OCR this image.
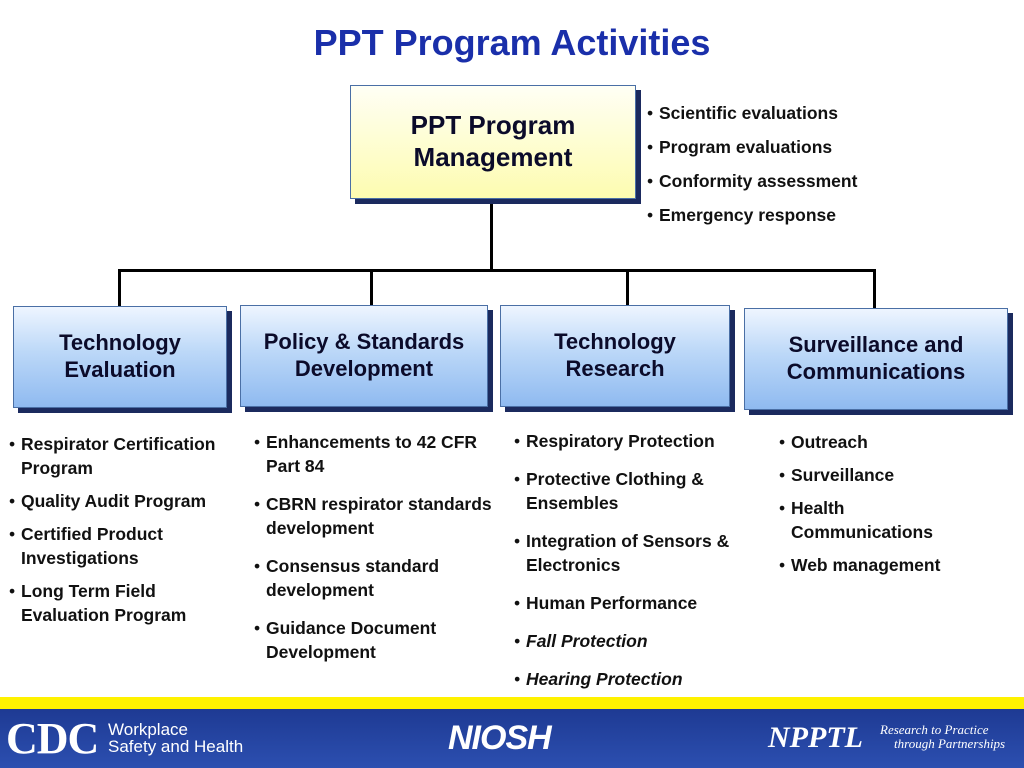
PPT Program Activities
PPT Program Management
• Scientific evaluations
• Program evaluations
• Conformity assessment
• Emergency response
Technology Evaluation
Policy & Standards Development
Technology Research
Surveillance and Communications
• Respirator Certification Program
• Quality Audit Program
• Certified Product Investigations
• Long Term Field Evaluation Program
• Enhancements to 42 CFR Part 84
• CBRN respirator standards development
• Consensus standard development
• Guidance Document Development
• Respiratory Protection
• Protective Clothing & Ensembles
• Integration of Sensors & Electronics
• Human Performance
• Fall Protection
• Hearing Protection
• Outreach
• Surveillance
• Health Communications
• Web management
CDC Workplace
Safety and Health	NIOSH	NPPTL Research to Practice
through Partnerships
